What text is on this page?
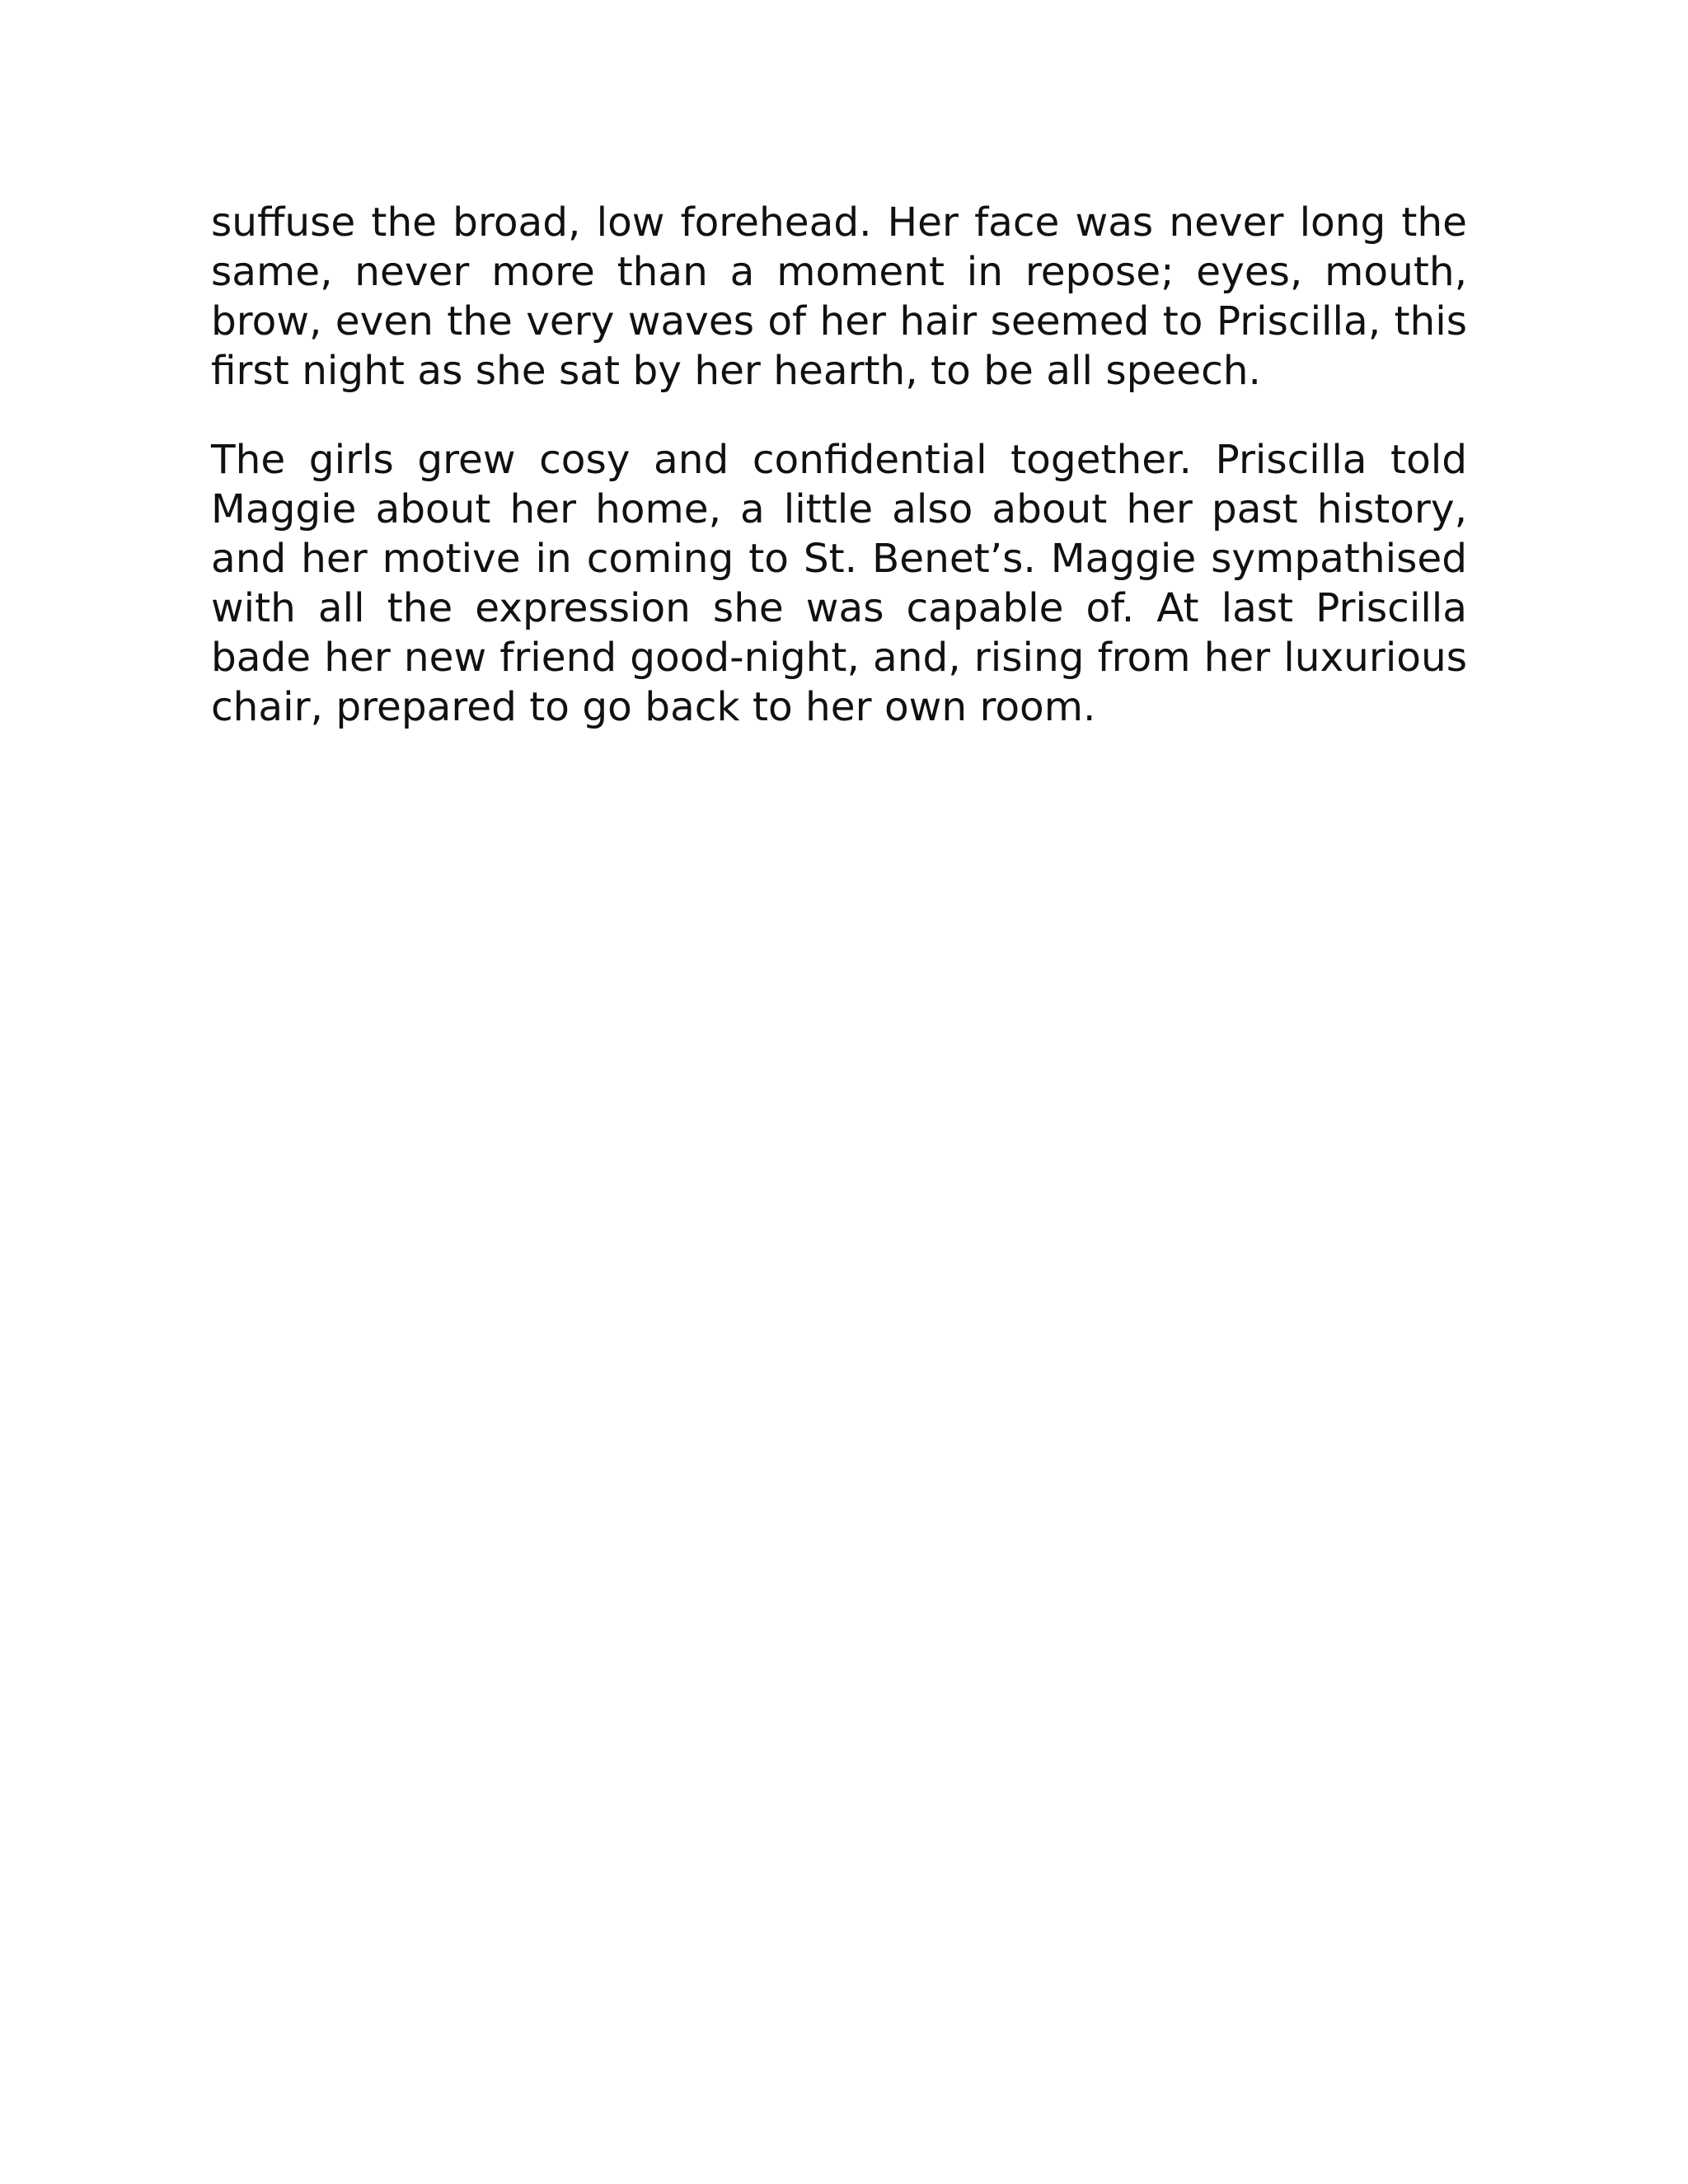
suffuse the broad, low forehead. Her face was never long the same, never more than a moment in repose; eyes, mouth, brow, even the very waves of her hair seemed to Priscilla, this first night as she sat by her hearth, to be all speech.

The girls grew cosy and confidential together. Priscilla told Maggie about her home, a little also about her past history, and her motive in coming to St. Benet’s. Maggie sympathised with all the expression she was capable of. At last Priscilla bade her new friend good-night, and, rising from her luxurious chair, prepared to go back to her own room.
